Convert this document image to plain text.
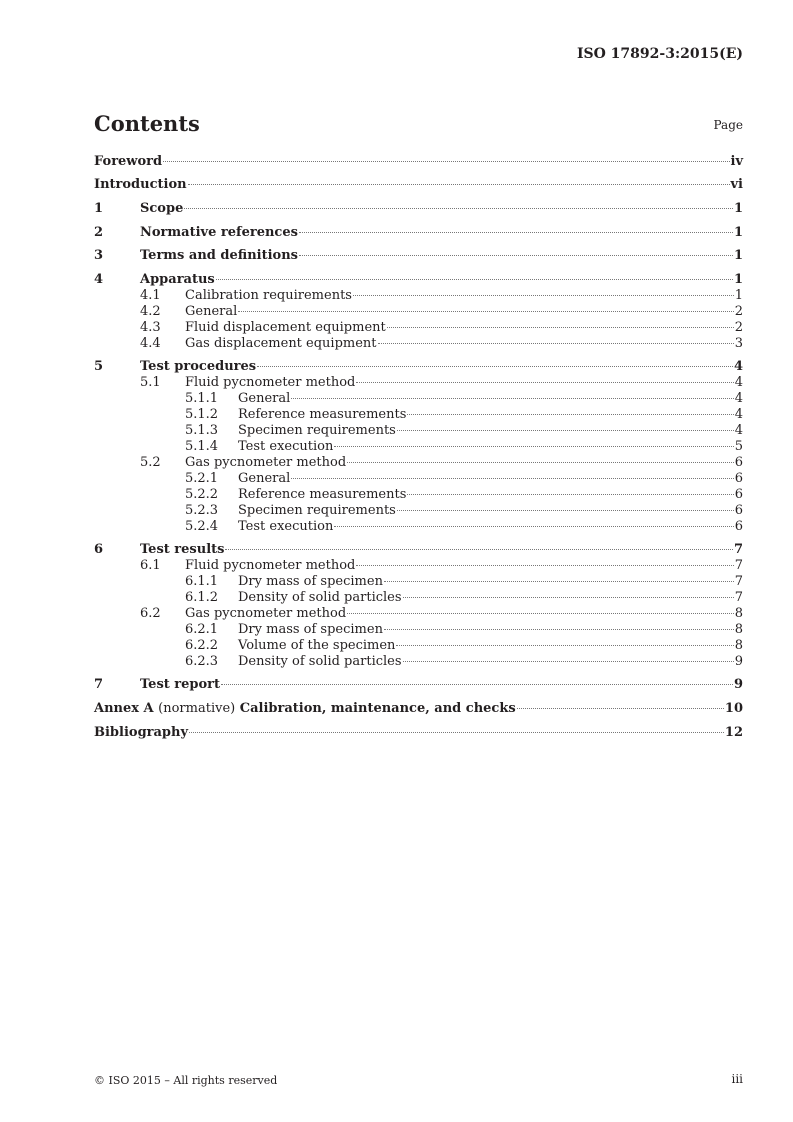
ISO 17892-3:2015(E)
Contents	Page
Foreword	iv
Introduction	vi
1	Scope	1
2	Normative references	1
3	Terms and definitions	1
4	Apparatus	1
4.1	Calibration requirements	1
4.2	General	2
4.3	Fluid displacement equipment	2
4.4	Gas displacement equipment	3
5	Test procedures	4
5.1	Fluid pycnometer method	4
5.1.1	General	4
5.1.2	Reference measurements	4
5.1.3	Specimen requirements	4
5.1.4	Test execution	5
5.2	Gas pycnometer method	6
5.2.1	General	6
5.2.2	Reference measurements	6
5.2.3	Specimen requirements	6
5.2.4	Test execution	6
6	Test results	7
6.1	Fluid pycnometer method	7
6.1.1	Dry mass of specimen	7
6.1.2	Density of solid particles	7
6.2	Gas pycnometer method	8
6.2.1	Dry mass of specimen	8
6.2.2	Volume of the specimen	8
6.2.3	Density of solid particles	9
7	Test report	9
Annex A (normative) Calibration, maintenance, and checks	10
Bibliography	12
© ISO 2015 – All rights reserved	iii
